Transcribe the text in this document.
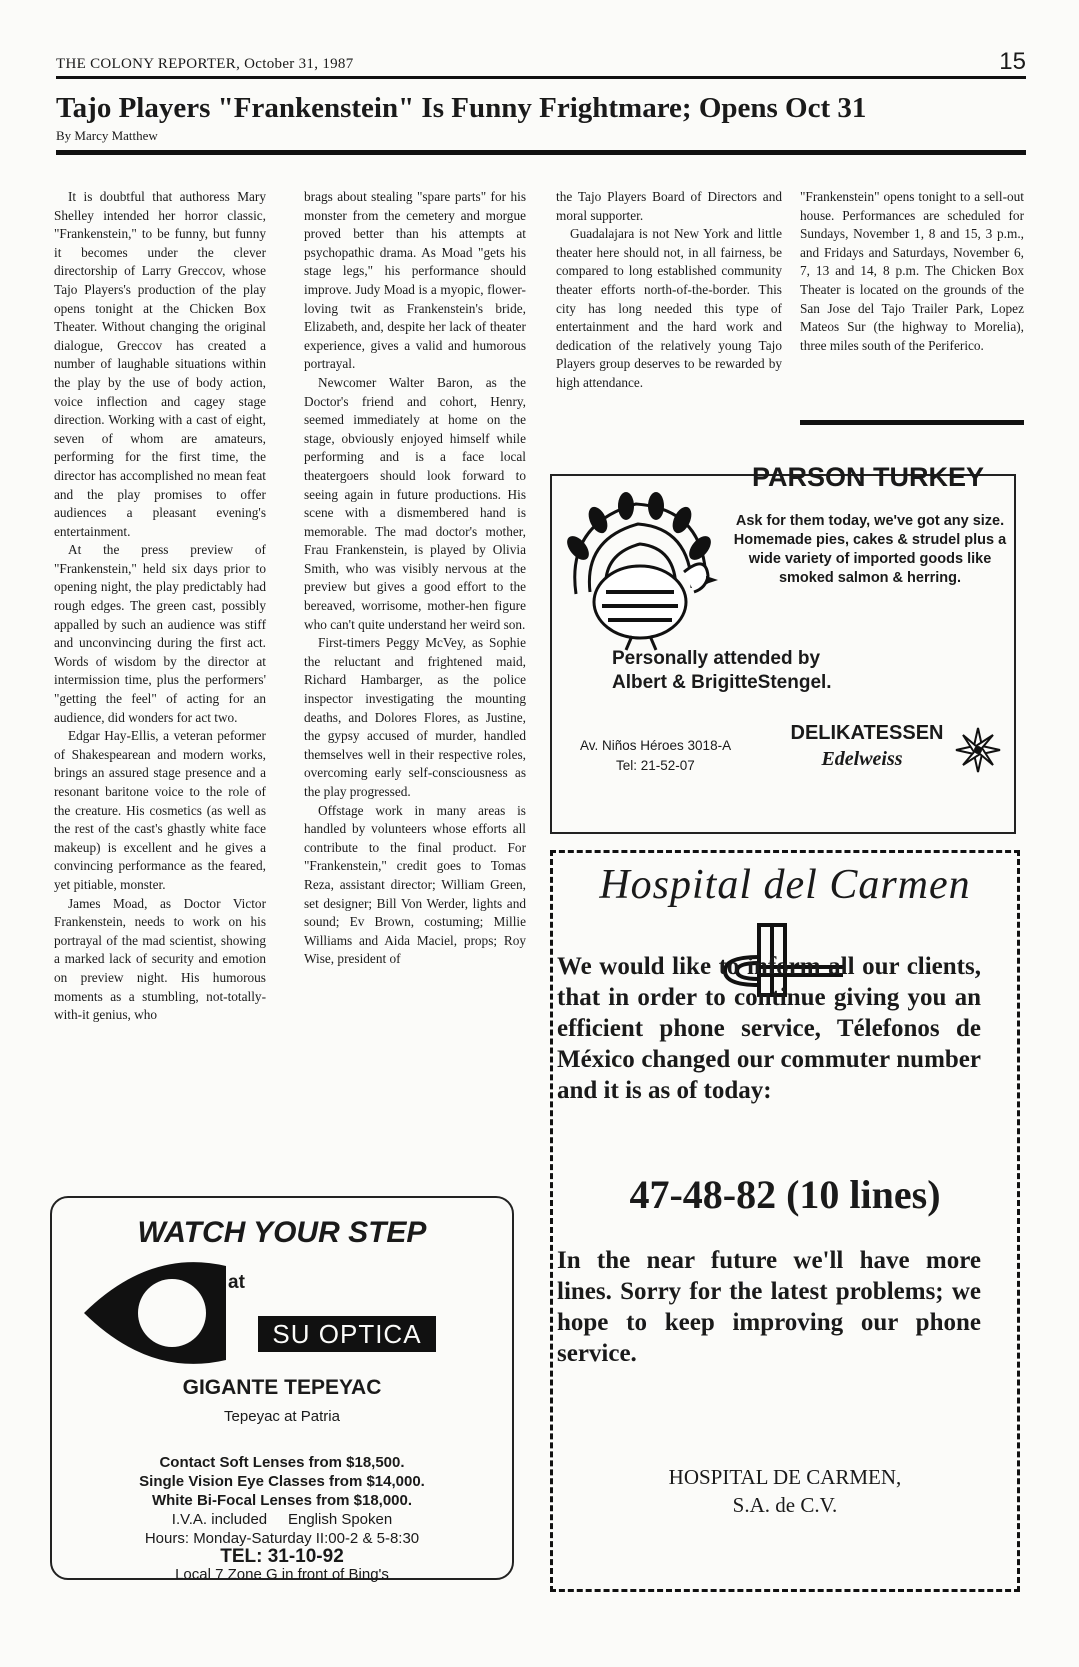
THE COLONY REPORTER, October 31, 1987	15
Tajo Players "Frankenstein" Is Funny Frightmare; Opens Oct 31
By Marcy Matthew

It is doubtful that authoress Mary Shelley intended her horror classic, "Frankenstein," to be funny, but funny it becomes under the clever directorship of Larry Greccov, whose Tajo Players's production of the play opens tonight at the Chicken Box Theater. Without changing the original dialogue, Greccov has created a number of laughable situations within the play by the use of body action, voice inflection and cagey stage direction. Working with a cast of eight, seven of whom are amateurs, performing for the first time, the director has accomplished no mean feat and the play promises to offer audiences a pleasant evening's entertainment.

At the press preview of "Frankenstein," held six days prior to opening night, the play predictably had rough edges. The green cast, possibly appalled by such an audience was stiff and unconvincing during the first act. Words of wisdom by the director at intermission time, plus the performers' "getting the feel" of acting for an audience, did wonders for act two.

Edgar Hay-Ellis, a veteran peformer of Shakespearean and modern works, brings an assured stage presence and a resonant baritone voice to the role of the creature. His cosmetics (as well as the rest of the cast's ghastly white face makeup) is excellent and he gives a convincing performance as the feared, yet pitiable, monster.

James Moad, as Doctor Victor Frankenstein, needs to work on his portrayal of the mad scientist, showing a marked lack of security and emotion on preview night. His humorous moments as a stumbling, not-totally-with-it genius, who

brags about stealing "spare parts" for his monster from the cemetery and morgue proved better than his attempts at psychopathic drama. As Moad "gets his stage legs," his performance should improve. Judy Moad is a myopic, flower-loving twit as Frankenstein's bride, Elizabeth, and, despite her lack of theater experience, gives a valid and humorous portrayal.

Newcomer Walter Baron, as the Doctor's friend and cohort, Henry, seemed immediately at home on the stage, obviously enjoyed himself while performing and is a face local theatergoers should look forward to seeing again in future productions. His scene with a dismembered hand is memorable. The mad doctor's mother, Frau Frankenstein, is played by Olivia Smith, who was visibly nervous at the preview but gives a good effort to the bereaved, worrisome, mother-hen figure who can't quite understand her weird son.

First-timers Peggy McVey, as Sophie the reluctant and frightened maid, Richard Hambarger, as the police inspector investigating the mounting deaths, and Dolores Flores, as Justine, the gypsy accused of murder, handled themselves well in their respective roles, overcoming early self-consciousness as the play progressed.

Offstage work in many areas is handled by volunteers whose efforts all contribute to the final product. For "Frankenstein," credit goes to Tomas Reza, assistant director; William Green, set designer; Bill Von Werder, lights and sound; Ev Brown, costuming; Millie Williams and Aida Maciel, props; Roy Wise, president of

the Tajo Players Board of Directors and moral supporter.

Guadalajara is not New York and little theater here should not, in all fairness, be compared to long established community theater efforts north-of-the-border. This city has long needed this type of entertainment and the hard work and dedication of the relatively young Tajo Players group deserves to be rewarded by high attendance.

"Frankenstein" opens tonight to a sell-out house. Performances are scheduled for Sundays, November 1, 8 and 15, 3 p.m., and Fridays and Saturdays, November 6, 7, 13 and 14, 8 p.m. The Chicken Box Theater is located on the grounds of the San Jose del Tajo Trailer Park, Lopez Mateos Sur (the highway to Morelia), three miles south of the Periferico.

PARSON TURKEY
Ask for them today, we've got any size. Homemade pies, cakes & strudel plus a wide variety of imported goods like smoked salmon & herring.
Personally attended by
Albert & BrigitteStengel.
Av. Niños Héroes 3018-A
Tel: 21-52-07
DELIKATESSEN
Edelweiss
Hospital del Carmen
We would like to inform all our clients, that in order to continue giving you an efficient phone service, Télefonos de México changed our commuter number and it is as of today:
47-48-82 (10 lines)
In the near future we'll have more lines. Sorry for the latest problems; we hope to keep improving our phone service.
HOSPITAL DE CARMEN,
S.A. de C.V.
WATCH YOUR STEP
at
SU OPTICA
GIGANTE TEPEYAC
Tepeyac at Patria
Contact Soft Lenses from $18,500.
Single Vision Eye Classes from $14,000.
White Bi-Focal Lenses from $18,000.
I.V.A. included     English Spoken
Hours: Monday-Saturday II:00-2 & 5-8:30
TEL: 31-10-92
Local 7 Zone G in front of Bing's
